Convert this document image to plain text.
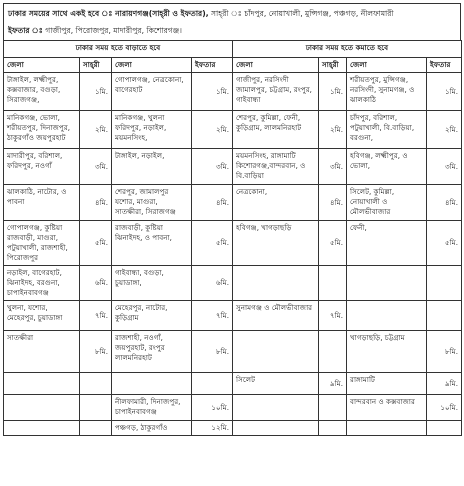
ঢাকার সময়ের সাথে একই হবে ঃ নারায়ণগঞ্জ(সাহ্‌রী ও ইফতার), সাহ্‌রী ঃ চাঁদপুর, নোয়াখালী, মুন্সিগঞ্জ, পঞ্চগড়, নীলফামারী
ইফতার ঃ গাজীপুর, পিরোজপুর, মাদারীপুর, কিশোরগঞ্জ।
ঢাকার সময় হতে বাড়াতে হবে				ঢাকার সময় হতে কমাতে হবে			
জেলা	সাহ্‌রী	জেলা	ইফতার	জেলা	সাহ্‌রী	জেলা	ইফতার
টাঙ্গাইল, লক্ষ্মীপুর, কক্সবাজার, বগুড়া, সিরাজগঞ্জ,	১মি.	গোপালগঞ্জ, নেত্রকোনা, বাগেরহাট	১মি.	গাজীপুর, নরসিংদী জামালপুর, চট্টগ্রাম, রংপুর, গাইবান্ধা	১মি.	শরীয়তপুর, মুন্সিগঞ্জ, নরসিংদী, সুনামগঞ্জ, ও ঝালকাঠি	১মি.
মানিকগঞ্জ, ভোলা, শরীয়তপুর, দিনাজপুর, ঠাকুরগাঁও জয়পুরহাট	২মি.	মানিকগঞ্জ, খুলনা ফরিদপুর, নড়াইল, ময়মনসিংহ,	২মি.	শেরপুর, কুমিল্লা, ফেনী, কুড়িগ্রাম, লালমনিরহাট	২মি.	চাঁদপুর, বরিশাল, পটুয়াখালী, বি.বাড়িয়া, বরগুনা,	২মি.
মাদারীপুর, বরিশাল, ফরিদপুর, নওগাঁ	৩মি.	টাঙ্গাইল, নড়াইল,	৩মি.	ময়মনসিংহ, রাঙ্গামাটি কিশোরগঞ্জ,বান্দরবান, ও বি.বাড়িয়া	৩মি.	হবিগঞ্জ, লক্ষ্মীপুর, ও ভোলা,	৩মি.
ঝালকাঠি, নাটোর, ও পাবনা	৪মি.	শেরপুর, জামালপুর যশোর, মাগুরা, সাতক্ষীরা, সিরাজগঞ্জ	৪মি.	নেত্রকোনা,	৪মি.	সিলেট, কুমিল্লা, নোয়াখালী ও মৌলভীবাজার	৪মি.
গোপালগঞ্জ, কুষ্টিয়া রাজবাড়ী, মাগুরা, পটুয়াখালী, রাজশাহী, পিরোজপুর	৫মি.	রাজবাড়ী, কুষ্টিয়া ঝিনাইদহ, ও পাবনা,	৫মি.	হবিগঞ্জ, খাগড়াছড়ি	৫মি.	ফেনী,	৫মি.
নড়াইল, বাগেরহাট, ঝিনাইদহ, বরগুনা, চাপাইনবাবগঞ্জ	৬মি.	গাইবান্ধা, বগুড়া, চুয়াডাঙ্গা,	৬মি.				
খুলনা, যশোর, মেহেরপুর, চুয়াডাঙ্গা	৭মি.	মেহেরপুর, নাটোর, কুড়িগ্রাম	৭মি.	সুনামগঞ্জ ও মৌলভীবাজার	৭মি.		
সাতক্ষীরা	৮মি.	রাজশাহী, নওগাঁ, জয়পুরহাট, রংপুর লালমনিরহাট	৮মি.			খাগড়াছড়ি, চট্টগ্রাম	৮মি.
				সিলেট	৯মি.	রাঙ্গামাটি	৯মি.
		নীলফামারী, দিনাজপুর, চাপাইনবাবগঞ্জ	১০মি.			বান্দরবান ও কক্সবাজার	১০মি.
		পঞ্চগড়, ঠাকুরগাঁও	১২মি.				
